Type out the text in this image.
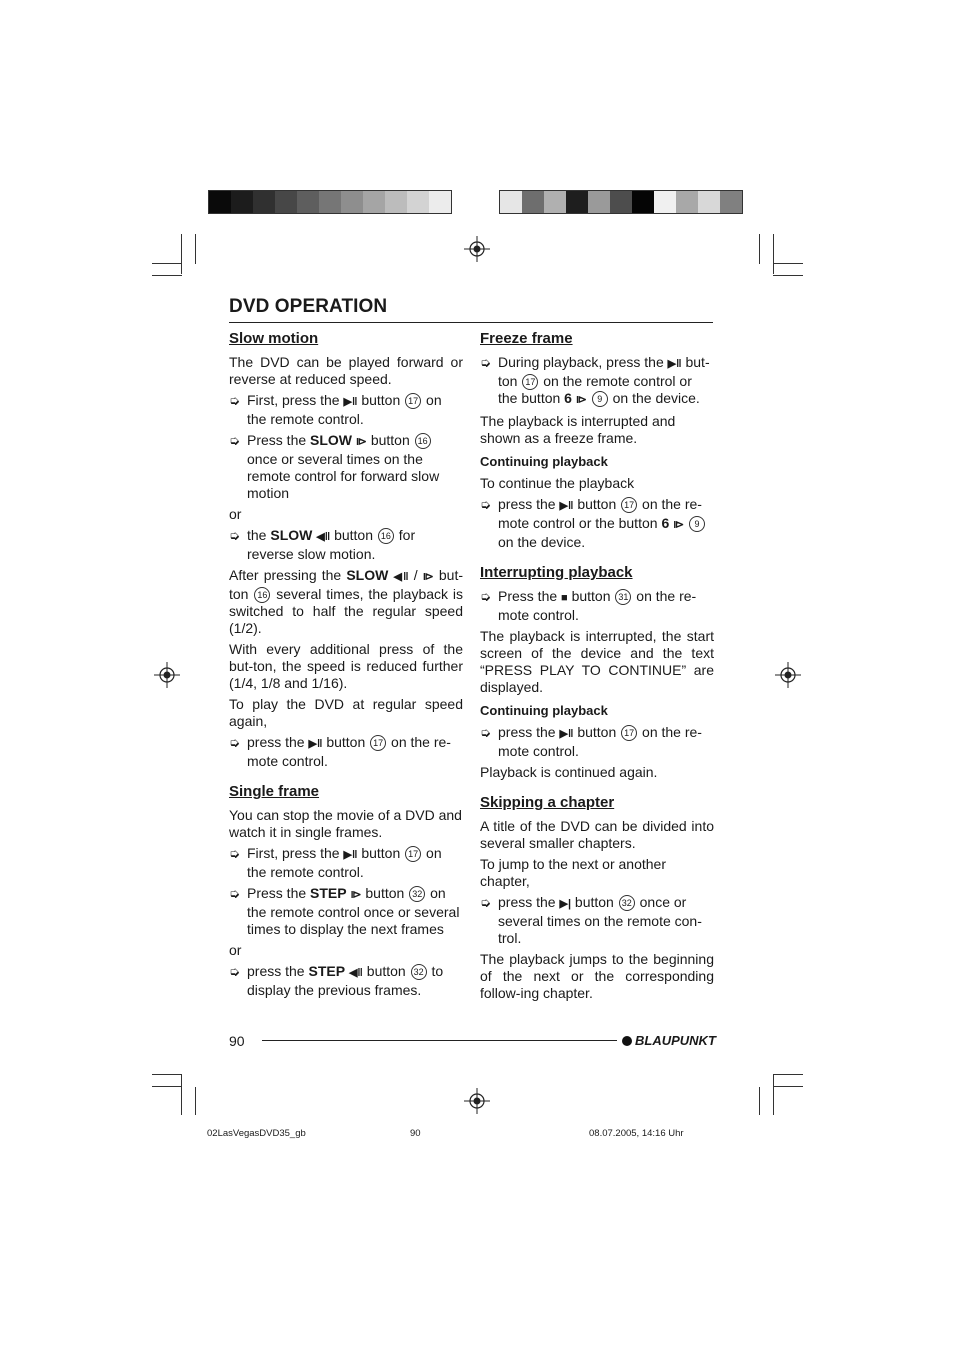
DVD OPERATION
Slow motion

The DVD can be played forward or reverse at reduced speed.

➭ First, press the ▶‖ button 17 on the remote control.
➭ Press the SLOW ⧐ button 16 once or several times on the remote control for forward slow motion

or

➭ the SLOW ◀‖ button 16 for reverse slow motion.

After pressing the SLOW ◀‖ / ⧐ but-ton 16 several times, the playback is switched to half the regular speed (1/2).

With every additional press of the but-ton, the speed is reduced further (1/4, 1/8 and 1/16).

To play the DVD at regular speed again,

➭ press the ▶‖ button 17 on the re-mote control.
Single frame

You can stop the movie of a DVD and watch it in single frames.

➭ First, press the ▶‖ button 17 on the remote control.
➭ Press the STEP ⧐ button 32 on the remote control once or several times to display the next frames

or

➭ press the STEP ◀‖ button 32 to display the previous frames.
Freeze frame
➭ During playback, press the ▶‖ but-ton 17 on the remote control or the button 6 ⧐ 9 on the device.

The playback is interrupted and shown as a freeze frame.

Continuing playback

To continue the playback

➭ press the ▶‖ button 17 on the re-mote control or the button 6 ⧐ 9 on the device.
Interrupting playback
➭ Press the ■ button 31 on the re-mote control.

The playback is interrupted, the start screen of the device and the text “PRESS PLAY TO CONTINUE” are displayed.

Continuing playback
➭ press the ▶‖ button 17 on the re-mote control.

Playback is continued again.

Skipping a chapter

A title of the DVD can be divided into several smaller chapters.

To jump to the next or another chapter,

➭ press the ▶| button 32 once or several times on the remote con-trol.

The playback jumps to the beginning of the next or the corresponding follow-ing chapter.

90	BLAUPUNKT
02LasVegasDVD35_gb	90	08.07.2005, 14:16 Uhr
